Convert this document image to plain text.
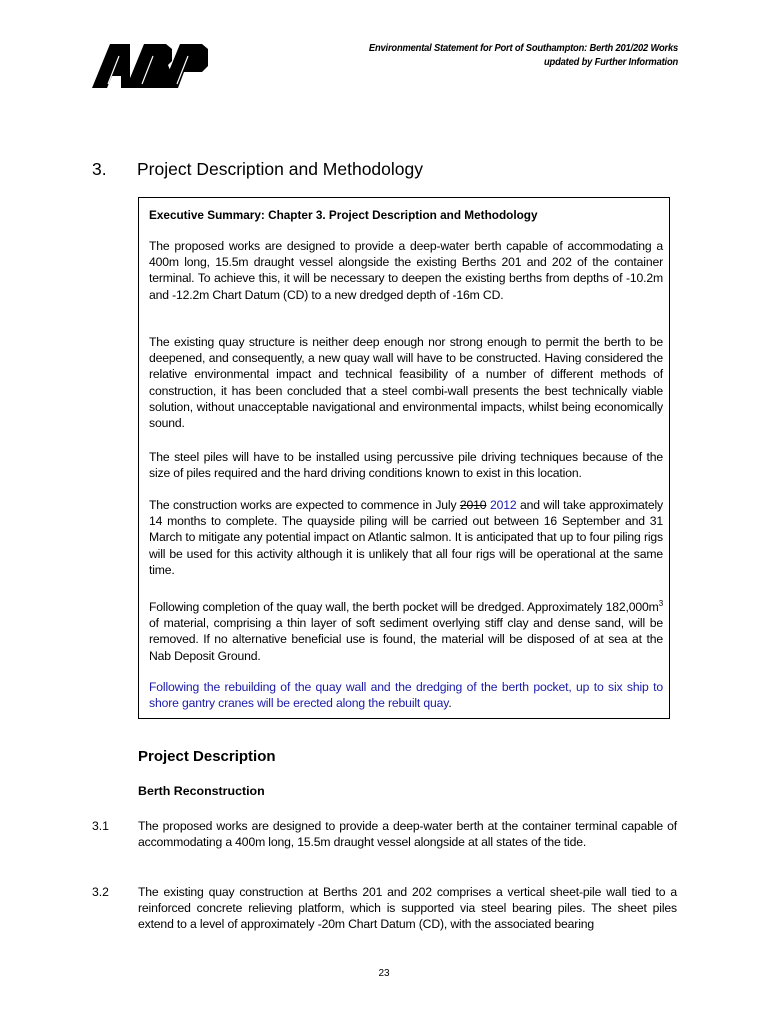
Environmental Statement for Port of Southampton: Berth 201/202 Works
updated by Further Information
3.	Project Description and Methodology
Executive Summary: Chapter 3. Project Description and Methodology

The proposed works are designed to provide a deep-water berth capable of accommodating a 400m long, 15.5m draught vessel alongside the existing Berths 201 and 202 of the container terminal. To achieve this, it will be necessary to deepen the existing berths from depths of -10.2m and -12.2m Chart Datum (CD) to a new dredged depth of -16m CD.

The existing quay structure is neither deep enough nor strong enough to permit the berth to be deepened, and consequently, a new quay wall will have to be constructed. Having considered the relative environmental impact and technical feasibility of a number of different methods of construction, it has been concluded that a steel combi-wall presents the best technically viable solution, without unacceptable navigational and environmental impacts, whilst being economically sound.

The steel piles will have to be installed using percussive pile driving techniques because of the size of piles required and the hard driving conditions known to exist in this location.

The construction works are expected to commence in July 2010 2012 and will take approximately 14 months to complete. The quayside piling will be carried out between 16 September and 31 March to mitigate any potential impact on Atlantic salmon. It is anticipated that up to four piling rigs will be used for this activity although it is unlikely that all four rigs will be operational at the same time.

Following completion of the quay wall, the berth pocket will be dredged. Approximately $182,000m^3$ of material, comprising a thin layer of soft sediment overlying stiff clay and dense sand, will be removed. If no alternative beneficial use is found, the material will be disposed of at sea at the Nab Deposit Ground.

Following the rebuilding of the quay wall and the dredging of the berth pocket, up to six ship to shore gantry cranes will be erected along the rebuilt quay.

Project Description
Berth Reconstruction
3.1 The proposed works are designed to provide a deep-water berth at the container terminal capable of accommodating a 400m long, 15.5m draught vessel alongside at all states of the tide.
3.2 The existing quay construction at Berths 201 and 202 comprises a vertical sheet-pile wall tied to a reinforced concrete relieving platform, which is supported via steel bearing piles. The sheet piles extend to a level of approximately -20m Chart Datum (CD), with the associated bearing
23
